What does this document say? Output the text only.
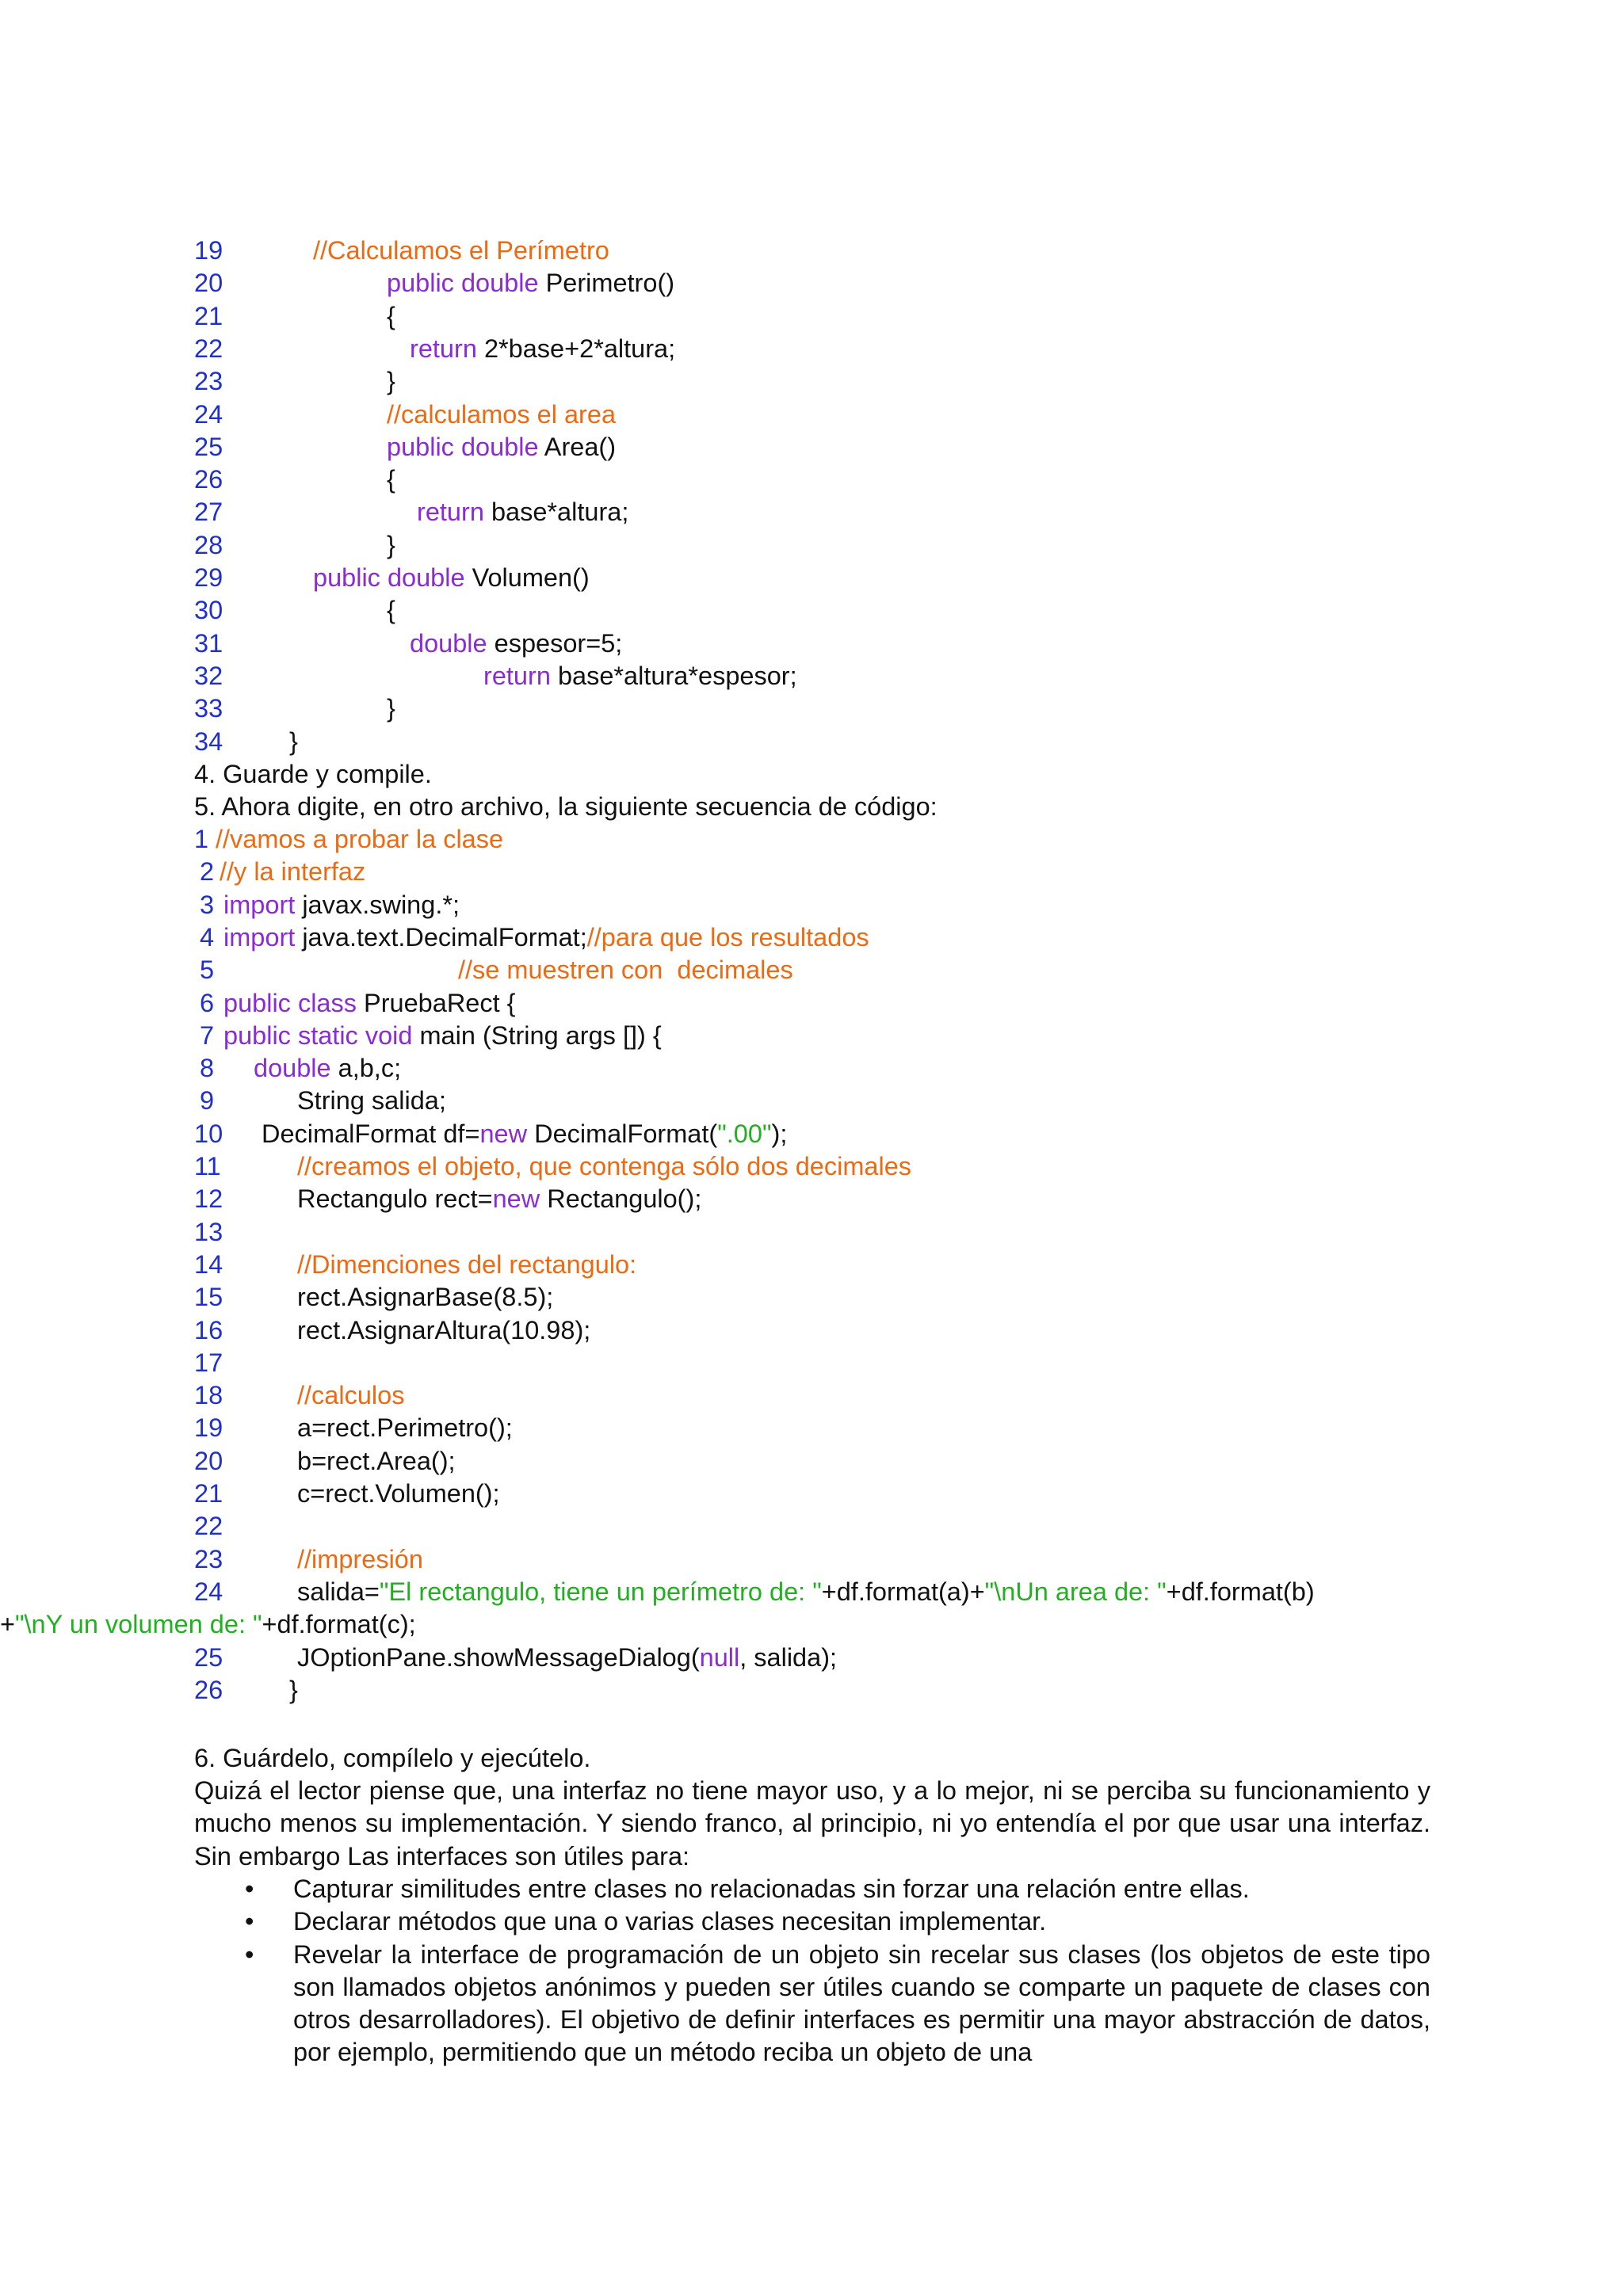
19	//Calculamos el Perímetro
20	public double Perimetro()
21	{
22	return 2*base+2*altura;
23	}
24	//calculamos el area
25	public double Area()
26	{
27	return base*altura;
28	}
29	public double Volumen()
30	{
31	double espesor=5;
32	return base*altura*espesor;
33	}
34	}
4. Guarde y compile.
5. Ahora digite, en otro archivo, la siguiente secuencia de código:
1 //vamos a probar la clase
2 //y la interfaz
3 import javax.swing.*;
4 import java.text.DecimalFormat;//para que los resultados
5	//se muestren con  decimales
6 public class PruebaRect {
7 public static void main (String args []) {
8 double a,b,c;
9	String salida;
10 DecimalFormat df=new DecimalFormat(".00");
11	//creamos el objeto, que contenga sólo dos decimales
12	Rectangulo rect=new Rectangulo();
13
14	//Dimenciones del rectangulo:
15	rect.AsignarBase(8.5);
16	rect.AsignarAltura(10.98);
17
18	//calculos
19	a=rect.Perimetro();
20	b=rect.Area();
21	c=rect.Volumen();
22
23	//impresión
24	salida="El rectangulo, tiene un perímetro de: "+df.format(a)+"\nUn area de: "+df.format(b)
+"\nY un volumen de: "+df.format(c);
25	JOptionPane.showMessageDialog(null, salida);
26	}
6. Guárdelo, compílelo y ejecútelo.

Quizá el lector piense que, una interfaz no tiene mayor uso, y a lo mejor, ni se perciba su funcionamiento y mucho menos su implementación. Y siendo franco, al principio, ni yo entendía el por que usar una interfaz. Sin embargo Las interfaces son útiles para:

• Capturar similitudes entre clases no relacionadas sin forzar una relación entre ellas.
• Declarar métodos que una o varias clases necesitan implementar.
• Revelar la interface de programación de un objeto sin recelar sus clases (los objetos de este tipo son llamados objetos anónimos y pueden ser útiles cuando se comparte un paquete de clases con otros desarrolladores). El objetivo de definir interfaces es permitir una mayor abstracción de datos, por ejemplo, permitiendo que un método reciba un objeto de una
